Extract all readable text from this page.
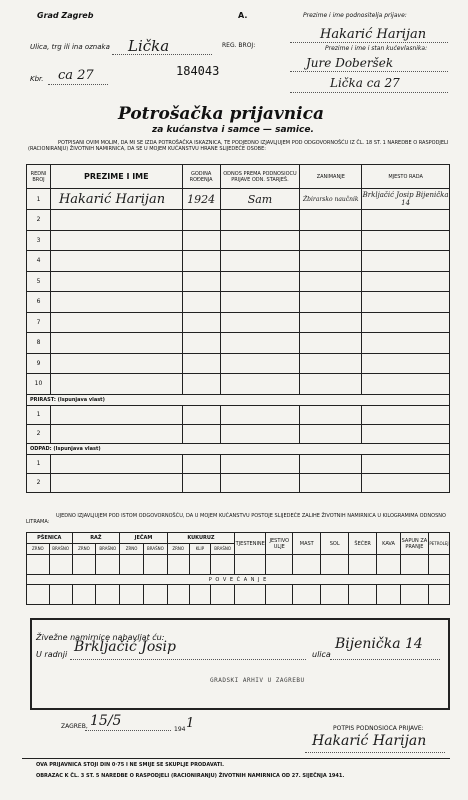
Grad Zagreb	A.	Prezime i ime podnositelja prijave:
Hakarić Harijan
Prezime i ime i stan kućevlasnika:
Jure Doberšek
Lička ca 27
Ulica, trg ili ina oznaka Lička
Kbr. ca 27
REG. BROJ:
184043
Potrošačka prijavnica
za kućanstva i samce — samice.
POTPISANI OVIM MOLIM, DA MI SE IZDA POTROŠAČKA ISKAZNICA, TE PODJEDNO IZJAVLJUJEM POD ODGOVORNOŠĆU IZ ČL. 18 ST. 1 NAREDBE O RASPODJELI (RACIONIRANJU) ŽIVOTNIH NAMIRNICA, DA SE U MOJEM KUĆANSTVU HRANE SLIJEDEĆE OSOBE:
REDNI BROJ	PREZIME I IME	GODINA ROĐENJA	ODNOS PREMA PODNOSIOCU PRIJAVE ODN. STARJEŠ.	ZANIMANJE	MJESTO RADA
1	Hakarić Harijan	1924	Sam	Žbirarsko naučnik	Brkljačić Josip Bijenička 14
2					
3					
4					
5					
6					
7					
8					
9					
10					
PRIRAST: (Ispunjava vlast)					
1					
2					
ODPAD: (Ispunjava vlast)					
1					
2					
UJEDNO IZJAVLJUJEM POD ISTOM ODGOVORNOŠĆU, DA U MOJEM KUĆANSTVU POSTOJE SLIJEDEĆE ZALIHE ŽIVOTNIH NAMIRNICA U KILOGRAMIMA ODNOSNO LITRAMA:
PŠENICA		RAŽ		JEČAM		KUKURUZ			TJESTENINE	JESTIVO ULJE	MAST	SOL	ŠEĆER	KAVA	SAPUN ZA PRANJE	PETROLEJ
ZRNO	BRAŠNO	ZRNO	BRAŠNO	ZRNO	BRAŠNO	ZRNO	KLIP	BRAŠNO								

P O V E Ć A N J E																

Živežne namirnice nabavljat ću:
U radnji Brkljačić Josip	ulica
Bijenička 14
GRADSKI ARHIV U ZAGREBU
ZAGREB, 15/5
194 1	POTPIS PODNOSIOCA PRIJAVE:
Hakarić Harijan
OVA PRIJAVNICA STOJI DIN 0·75 I NE SMIJE SE SKUPLJE PRODAVATI.
OBRAZAC K ČL. 3 ST. 5 NAREDBE O RASPODJELI (RACIONIRANJU) ŽIVOTNIH NAMIRNICA OD 27. SIJEČNJA 1941.
